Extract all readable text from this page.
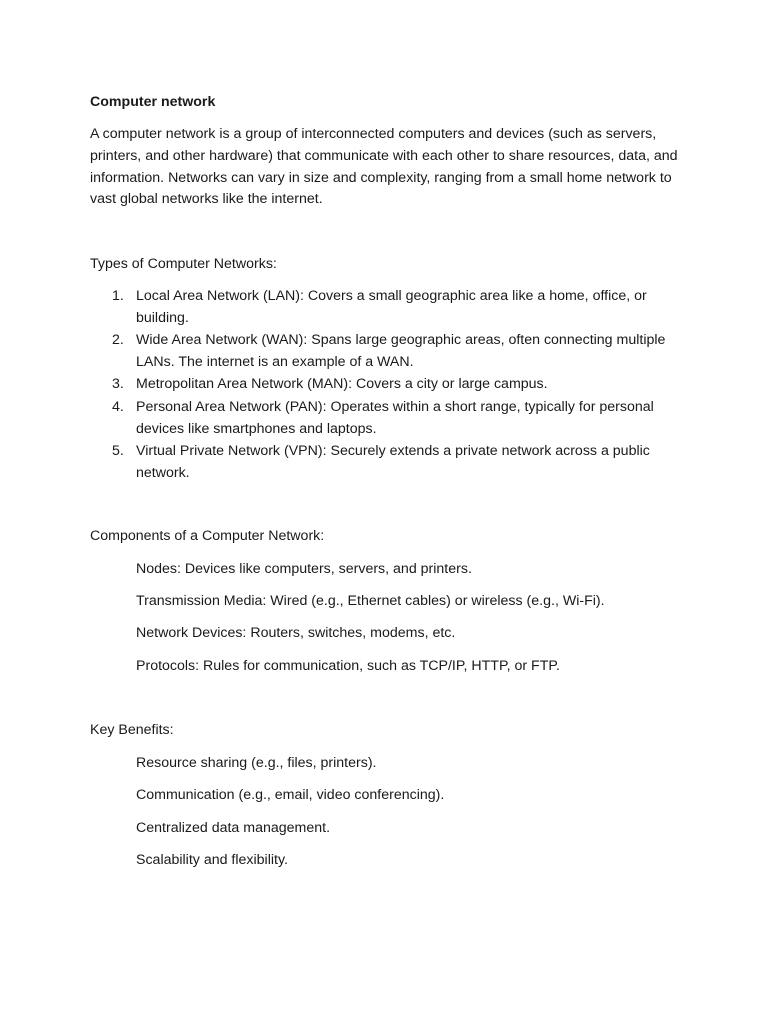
Computer network

A computer network is a group of interconnected computers and devices (such as servers, printers, and other hardware) that communicate with each other to share resources, data, and information. Networks can vary in size and complexity, ranging from a small home network to vast global networks like the internet.

Types of Computer Networks:

1. Local Area Network (LAN): Covers a small geographic area like a home, office, or building.
2. Wide Area Network (WAN): Spans large geographic areas, often connecting multiple LANs. The internet is an example of a WAN.
3. Metropolitan Area Network (MAN): Covers a city or large campus.
4. Personal Area Network (PAN): Operates within a short range, typically for personal devices like smartphones and laptops.
5. Virtual Private Network (VPN): Securely extends a private network across a public network.

Components of a Computer Network:

Nodes: Devices like computers, servers, and printers.
Transmission Media: Wired (e.g., Ethernet cables) or wireless (e.g., Wi-Fi).
Network Devices: Routers, switches, modems, etc.
Protocols: Rules for communication, such as TCP/IP, HTTP, or FTP.

Key Benefits:

Resource sharing (e.g., files, printers).
Communication (e.g., email, video conferencing).
Centralized data management.
Scalability and flexibility.
